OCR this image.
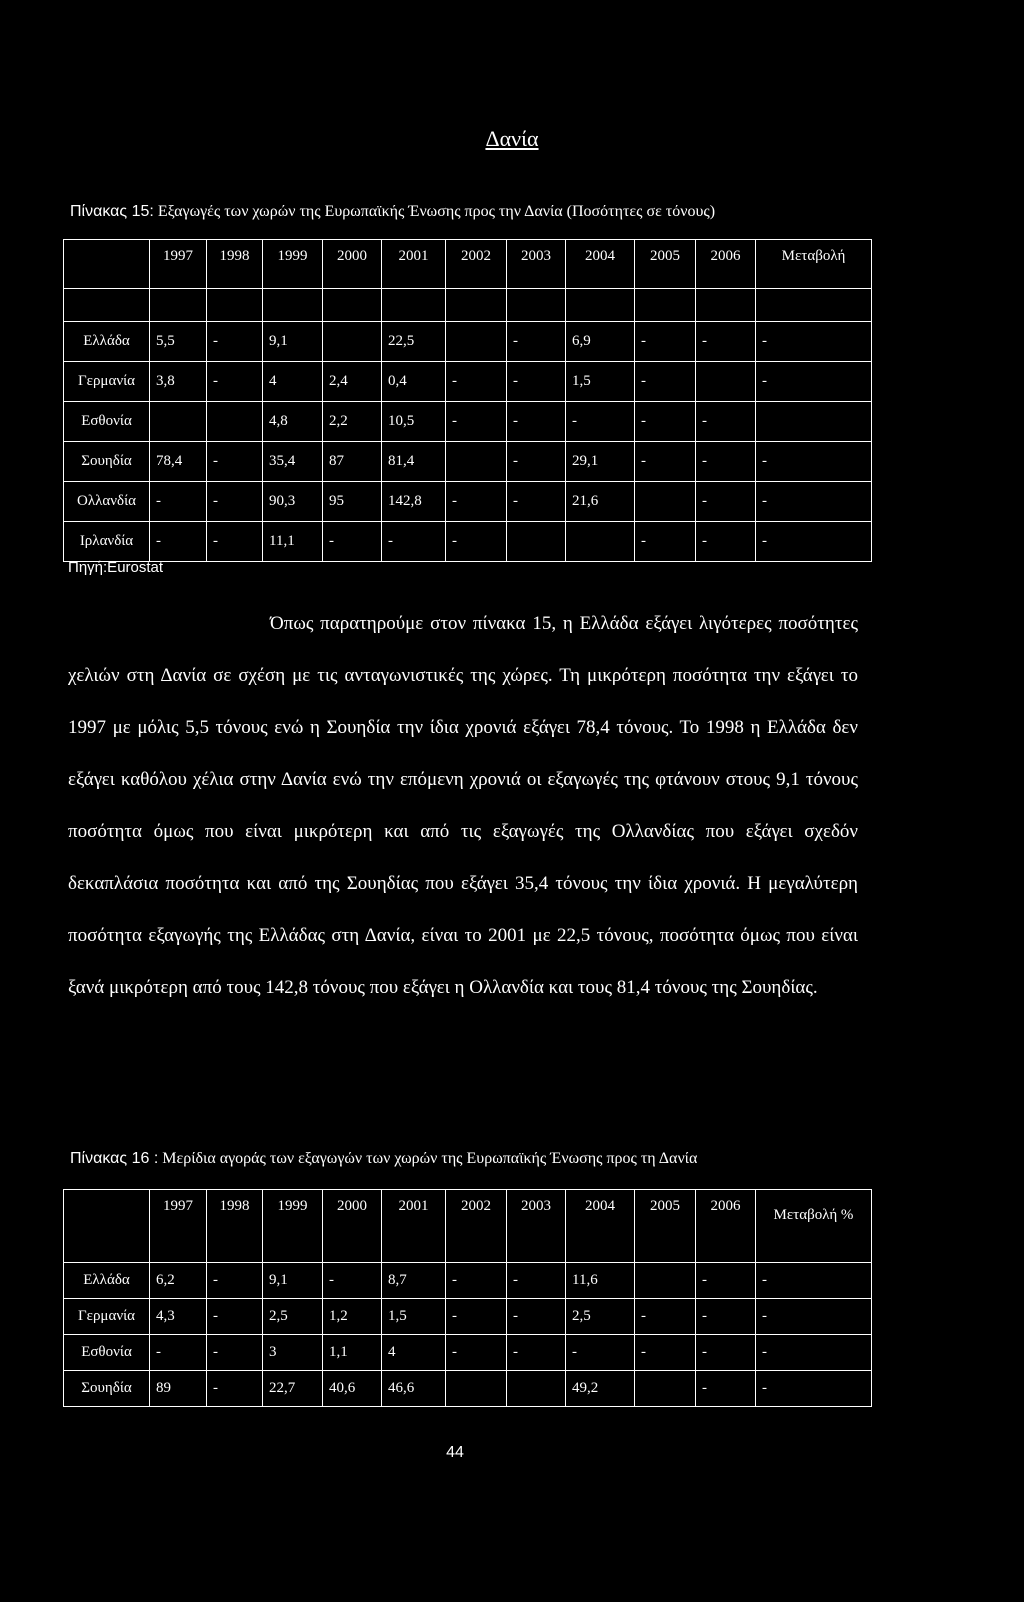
Δανία
Πίνακας 15: Εξαγωγές των χωρών της Ευρωπαϊκής Ένωσης προς την Δανία (Ποσότητες σε τόνους)
	1997	1998	1999	2000	2001	2002	2003	2004	2005	2006	Μεταβολή

Ελλάδα	5,5	-	9,1		22,5		-	6,9	-	-	-
Γερμανία	3,8	-	4	2,4	0,4	-	-	1,5	-		-
Εσθονία			4,8	2,2	10,5	-	-	-	-	-	
Σουηδία	78,4	-	35,4	87	81,4		-	29,1	-	-	-
Ολλανδία	-	-	90,3	95	142,8	-	-	21,6		-	-
Ιρλανδία	-	-	11,1	-	-	-			-	-	-
Πηγή:Eurostat

Όπως παρατηρούμε στον πίνακα 15, η Ελλάδα εξάγει λιγότερες ποσότητες χελιών στη Δανία σε σχέση με τις ανταγωνιστικές της χώρες. Τη μικρότερη ποσότητα την εξάγει το 1997 με μόλις 5,5 τόνους ενώ η Σουηδία την ίδια χρονιά εξάγει 78,4 τόνους. Το 1998 η Ελλάδα δεν εξάγει καθόλου χέλια στην Δανία ενώ την επόμενη χρονιά οι εξαγωγές της φτάνουν στους 9,1 τόνους ποσότητα όμως που είναι μικρότερη και από τις εξαγωγές της Ολλανδίας που εξάγει σχεδόν δεκαπλάσια ποσότητα και από της Σουηδίας που εξάγει 35,4 τόνους την ίδια χρονιά. Η μεγαλύτερη ποσότητα εξαγωγής της Ελλάδας στη Δανία, είναι το 2001 με 22,5 τόνους, ποσότητα όμως που είναι ξανά μικρότερη από τους 142,8 τόνους που εξάγει η Ολλανδία και τους 81,4 τόνους της Σουηδίας.

Πίνακας 16 : Μερίδια αγοράς των εξαγωγών των χωρών της Ευρωπαϊκής Ένωσης προς τη Δανία
	1997	1998	1999	2000	2001	2002	2003	2004	2005	2006	Μεταβολή %
Ελλάδα	6,2	-	9,1	-	8,7	-	-	11,6		-	-
Γερμανία	4,3	-	2,5	1,2	1,5	-	-	2,5	-	-	-
Εσθονία	-	-	3	1,1	4	-	-	-	-	-	-
Σουηδία	89	-	22,7	40,6	46,6			49,2		-	-
44
